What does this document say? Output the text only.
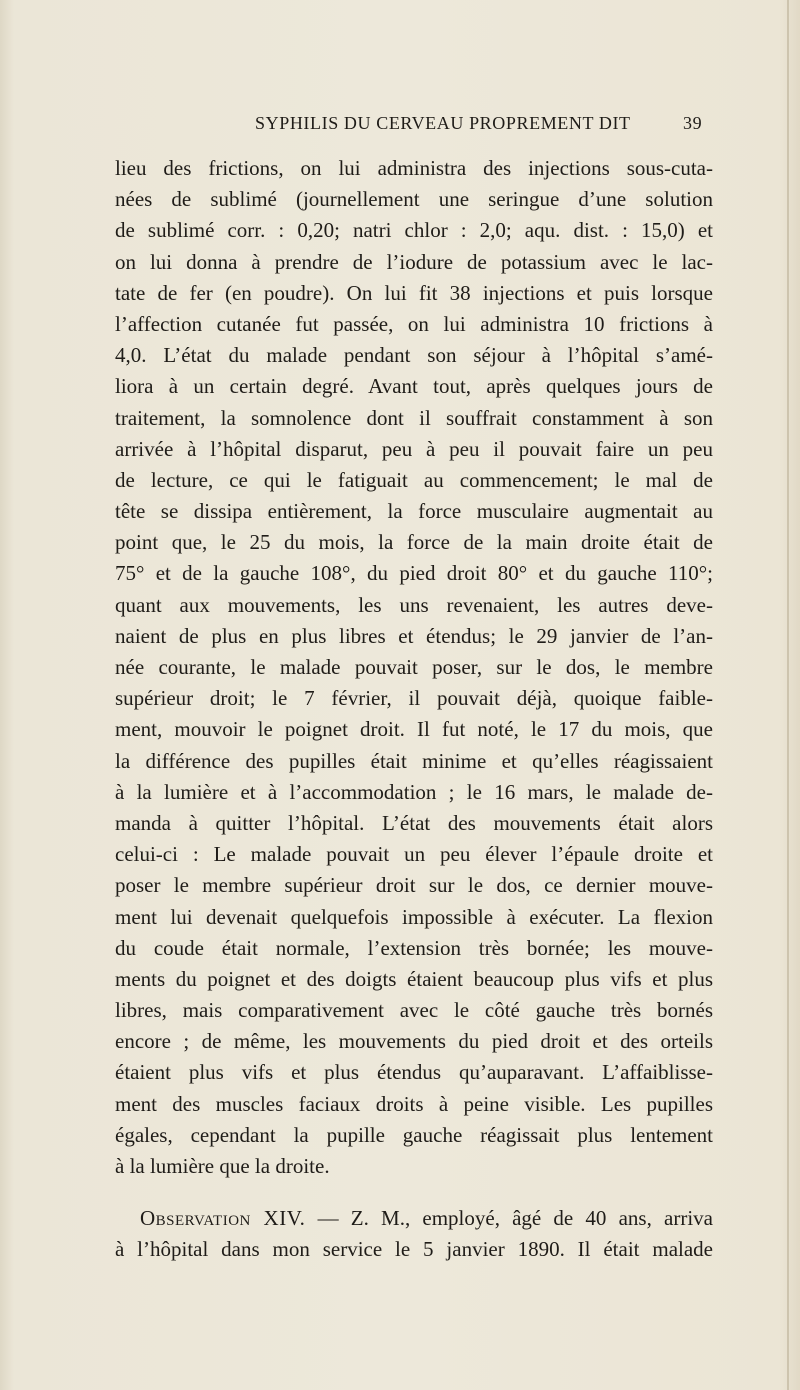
SYPHILIS DU CERVEAU PROPREMENT DIT	39
lieu des frictions, on lui administra des injections sous-cuta-
nées de sublimé (journellement une seringue d’une solution
de sublimé corr. : 0,20; natri chlor : 2,0; aqu. dist. : 15,0) et
on lui donna à prendre de l’iodure de potassium avec le lac-
tate de fer (en poudre). On lui fit 38 injections et puis lorsque
l’affection cutanée fut passée, on lui administra 10 frictions à
4,0. L’état du malade pendant son séjour à l’hôpital s’amé-
liora à un certain degré. Avant tout, après quelques jours de
traitement, la somnolence dont il souffrait constamment à son
arrivée à l’hôpital disparut, peu à peu il pouvait faire un peu
de lecture, ce qui le fatiguait au commencement; le mal de
tête se dissipa entièrement, la force musculaire augmentait au
point que, le 25 du mois, la force de la main droite était de
75° et de la gauche 108°, du pied droit 80° et du gauche 110°;
quant aux mouvements, les uns revenaient, les autres deve-
naient de plus en plus libres et étendus; le 29 janvier de l’an-
née courante, le malade pouvait poser, sur le dos, le membre
supérieur droit; le 7 février, il pouvait déjà, quoique faible-
ment, mouvoir le poignet droit. Il fut noté, le 17 du mois, que
la différence des pupilles était minime et qu’elles réagissaient
à la lumière et à l’accommodation ; le 16 mars, le malade de-
manda à quitter l’hôpital. L’état des mouvements était alors
celui-ci : Le malade pouvait un peu élever l’épaule droite et
poser le membre supérieur droit sur le dos, ce dernier mouve-
ment lui devenait quelquefois impossible à exécuter. La flexion
du coude était normale, l’extension très bornée; les mouve-
ments du poignet et des doigts étaient beaucoup plus vifs et plus
libres, mais comparativement avec le côté gauche très bornés
encore ; de même, les mouvements du pied droit et des orteils
étaient plus vifs et plus étendus qu’auparavant. L’affaiblisse-
ment des muscles faciaux droits à peine visible. Les pupilles
égales, cependant la pupille gauche réagissait plus lentement
à la lumière que la droite.
Observation XIV. — Z. M., employé, âgé de 40 ans, arriva
à l’hôpital dans mon service le 5 janvier 1890. Il était malade
